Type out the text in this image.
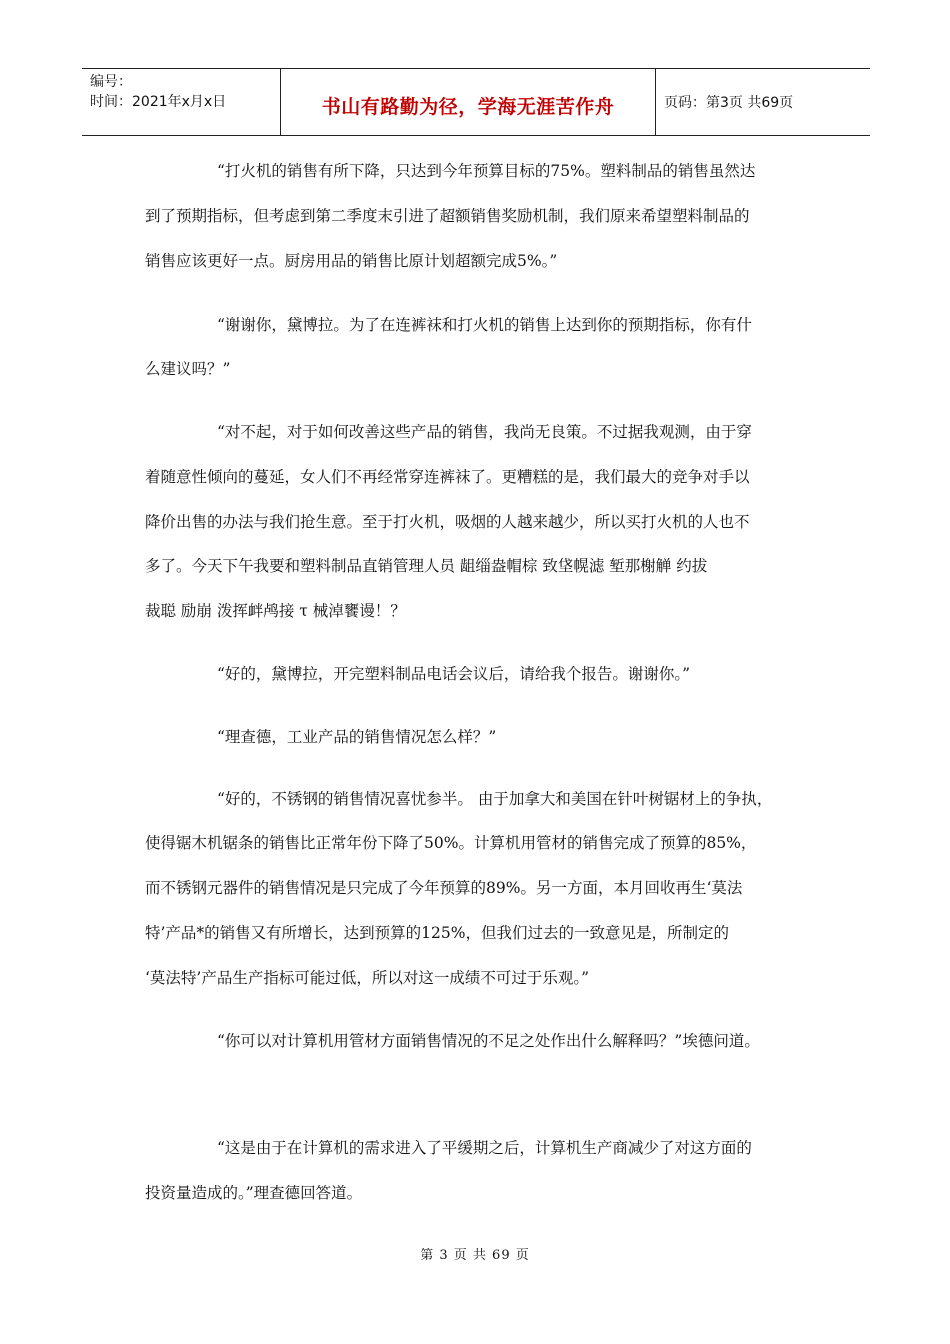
编号：
时间：2021年x月x日	书山有路勤为径，学海无涯苦作舟	页码：第3页 共69页
“打火机的销售有所下降，只达到今年预算目标的75%。塑料制品的销售虽然达
到了预期指标，但考虑到第二季度末引进了超额销售奖励机制，我们原来希望塑料制品的
销售应该更好一点。厨房用品的销售比原计划超额完成5%。”
“谢谢你，黛博拉。为了在连裤袜和打火机的销售上达到你的预期指标，你有什
么建议吗？”
“对不起，对于如何改善这些产品的销售，我尚无良策。不过据我观测，由于穿
着随意性倾向的蔓延，女人们不再经常穿连裤袜了。更糟糕的是，我们最大的竞争对手以
降价出售的办法与我们抢生意。至于打火机，吸烟的人越来越少，所以买打火机的人也不
多了。今天下午我要和塑料制品直销管理人员 龃缁盎帽棕 致垡幌滤 堑那榭觯 约拔
裁聪 励崩 泼挥衅鸬接 τ 械淖饔谩！？
“好的，黛博拉，开完塑料制品电话会议后，请给我个报告。谢谢你。”
“理查德，工业产品的销售情况怎么样？”
“好的，不锈钢的销售情况喜忧参半。 由于加拿大和美国在针叶树锯材上的争执，
使得锯木机锯条的销售比正常年份下降了50%。计算机用管材的销售完成了预算的85%，
而不锈钢元器件的销售情况是只完成了今年预算的89%。另一方面，本月回收再生‘莫法
特’产品*的销售又有所增长，达到预算的125%，但我们过去的一致意见是，所制定的
‘莫法特’产品生产指标可能过低，所以对这一成绩不可过于乐观。”
“你可以对计算机用管材方面销售情况的不足之处作出什么解释吗？”埃德问道。
“这是由于在计算机的需求进入了平缓期之后，计算机生产商减少了对这方面的
投资量造成的。”理查德回答道。
第 3 页 共 69 页
